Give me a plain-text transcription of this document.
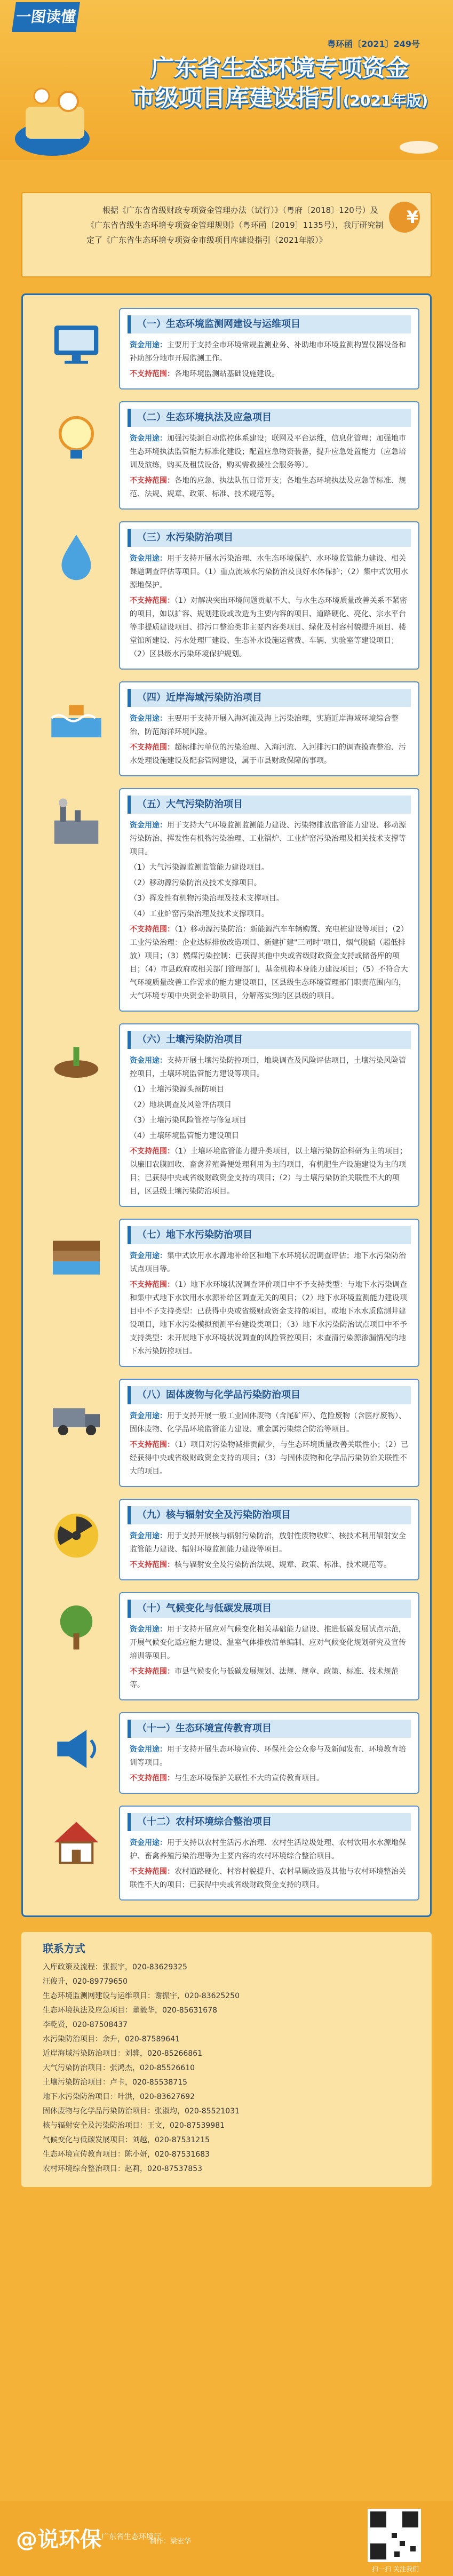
一图读懂
粤环函〔2021〕249号
广东省生态环境专项资金
市级项目库建设指引(2021年版)
根据《广东省省级财政专项资金管理办法（试行）》（粤府〔2018〕120号）及《广东省省级生态环境专项资金管理规则》（粤环函〔2019〕1135号），我厅研究制定了《广东省生态环境专项资金市级项目库建设指引（2021年版）》
¥
（一）生态环境监测网建设与运维项目

资金用途：主要用于支持全市环境常规监测业务、补助地市环境监测构置仪器设备和补助部分地市开展监测工作。

不支持范围：各地环境监测站基础设施建设。

（二）生态环境执法及应急项目

资金用途：加强污染源自动监控体系建设；联网及平台运维，信息化管理；加强地市生态环境执法监管能力标准化建设；配置应急物资装备，提升应急处置能力（应急培训及演练，购买及租赁设备，购买需救援社会服务等）。

不支持范围：各地的应急、执法队伍日常开支；各地生态环境执法及应急等标准、规范、法规、规章、政策、标准、技术规范等。

（三）水污染防治项目

资金用途：用于支持开展水污染治理、水生态环境保护、水环境监管能力建设、相关课题调查评估等项目。（1）重点流域水污染防治及良好水体保护；（2）集中式饮用水源地保护。

不支持范围：（1）对解决突出环境问题贡献不大、与水生态环境质量改善关系不紧密的项目，如以扩容、规划建设或改造为主要内容的项目、道路硬化、亮化、宗水平台等非提质建设项目、排污口整治类非主要内容类项目、绿化及村容村貌提升项目、楼堂馆所建设、污水处理厂建设、生态补水设施运营费、车辆、实验室等建设项目；（2）区县级水污染环境保护规划。

（四）近岸海域污染防治项目

资金用途：主要用于支持开展入海河流及海上污染治理，实施近岸海域环境综合整治，防范海洋环境风险。

不支持范围：超标排污单位的污染治理、入海河流、入河排污口的调查摸查整治、污水处理设施建设及配套管网建设，属于市县财政保障的事项。

（五）大气污染防治项目

资金用途：用于支持大气环境监测监测能力建设、污染物排放监管能力建设、移动源污染防治、挥发性有机物污染治理、工业锅炉、工业炉窑污染治理及相关技术支撑等项目。

（1）大气污染源监测监管能力建设项目。

（2）移动源污染防治及技术支撑项目。

（3）挥发性有机物污染治理及技术支撑项目。

（4）工业炉窑污染治理及技术支撑项目。

不支持范围：（1）移动源污染防治：新能源汽车车辆购置、充电桩建设等项目；（2）工业污染治理：企业达标排放改造项目、新建扩建"三同时"项目，烟气脱硝（超低排放）项目；（3）燃煤污染控制：已获得其他中央或省级财政资金支持或储备库的项目；（4）市县政府或相关部门管理部门，基金机构本身能力建设项目；（5）不符合大气环境质量改善工作需求的能力建设项目，区县级生态环境管理部门职责范围内的，大气环境专项中央资金补助项目，分解落实到的区县级的项目。

（六）土壤污染防治项目

资金用途：支持开展土壤污染防控项目，地块调查及风险评估项目，土壤污染风险管控项目，土壤环境监管能力建设等项目。

（1）土壤污染源头预防项目

（2）地块调查及风险评估项目

（3）土壤污染风险管控与修复项目

（4）土壤环境监管能力建设项目

不支持范围：（1）土壤环境监管能力提升类项目，以土壤污染防治科研为主的项目；以廉旧农膜回收、畜禽养殖粪便处理利用为主的项目，有机肥生产设施建设为主的项目；已获得中央或省级财政资金支持的项目；（2）与土壤污染防治关联性不大的项目，区县级土壤污染防治项目。

（七）地下水污染防治项目

资金用途：集中式饮用水水源地补给区和地下水环境状况调查评估；地下水污染防治试点项目等。

不支持范围：（1）地下水环境状况调查评价项目中不予支持类型：与地下水污染调查和集中式地下水饮用水水源补给区调查无关的项目；（2）地下水环境监测能力建设项目中不予支持类型：已获得中央或省级财政资金支持的项目，或地下水水质监测井建设项目，地下水污染模拟预测平台建设类项目；（3）地下水污染防治试点项目中不予支持类型：未开展地下水环境状况调查的风险管控项目；未查清污染源渗漏情况的地下水污染防控项目。

（八）固体废物与化学品污染防治项目

资金用途：用于支持开展一般工业固体废物（含尾矿库）、危险废物（含医疗废物）、固体废物、化学品环境监管能力建设、重金属污染综合防治等项目。

不支持范围：（1）项目对污染物减排贡献少，与生态环境质量改善关联性小；（2）已经获得中央或省级财政资金支持的项目；（3）与固体废物和化学品污染防治关联性不大的项目。

（九）核与辐射安全及污染防治项目

资金用途：用于支持开展核与辐射污染防治，放射性废物收贮、核技术利用辐射安全监管能力建设、辐射环境监测能力建设等项目。

不支持范围：核与辐射安全及污染防治法规、规章、政策、标准、技术规范等。

（十）气候变化与低碳发展项目

资金用途：用于支持开展应对气候变化相关基础能力建设、推进低碳发展试点示范，开展气候变化适应能力建设、温室气体排放清单编制、应对气候变化规划研究及宣传培训等项目。

不支持范围：市县气候变化与低碳发展规划、法规、规章、政策、标准、技术规范等。

（十一）生态环境宣传教育项目

资金用途：用于支持开展生态环境宣传、环保社会公众参与及新闻发布、环境教育培训等项目。

不支持范围：与生态环境保护关联性不大的宣传教育项目。

（十二）农村环境综合整治项目

资金用途：用于支持以农村生活污水治理、农村生活垃圾处理、农村饮用水水源地保护、畜禽养殖污染治理等为主要内容的农村环境综合整治项目。

不支持范围：农村道路硬化、村容村貌提升、农村旱厕改造及其他与农村环境整治关联性不大的项目；已获得中央或省级财政资金支持的项目。

联系方式
入库政策及流程：张振宇，020-83629325
汪俊升，020-89779650
生态环境监测网建设与运维项目：谢振宇，020-83625250
生态环境执法及应急项目：董毅华，020-85631678
李乾贤，020-87508437
水污染防治项目：余升，020-87589641
近岸海域污染防治项目：刘骅，020-85266861
大气污染防治项目：张鸿杰，020-85526610
土壤污染防治项目：卢卡，020-85538715
地下水污染防治项目：叶洪，020-83627692
固体废物与化学品污染防治项目：张淑均，020-85521031
核与辐射安全及污染防治项目：王文，020-87539981
气候变化与低碳发展项目：刘越，020-87531215
生态环境宣传教育项目：陈小妍，020-87531683
农村环境综合整治项目：赵莉，020-87537853
@说环保 广东省生态环境厅
制作：梁宏华
扫一扫 关注我们
